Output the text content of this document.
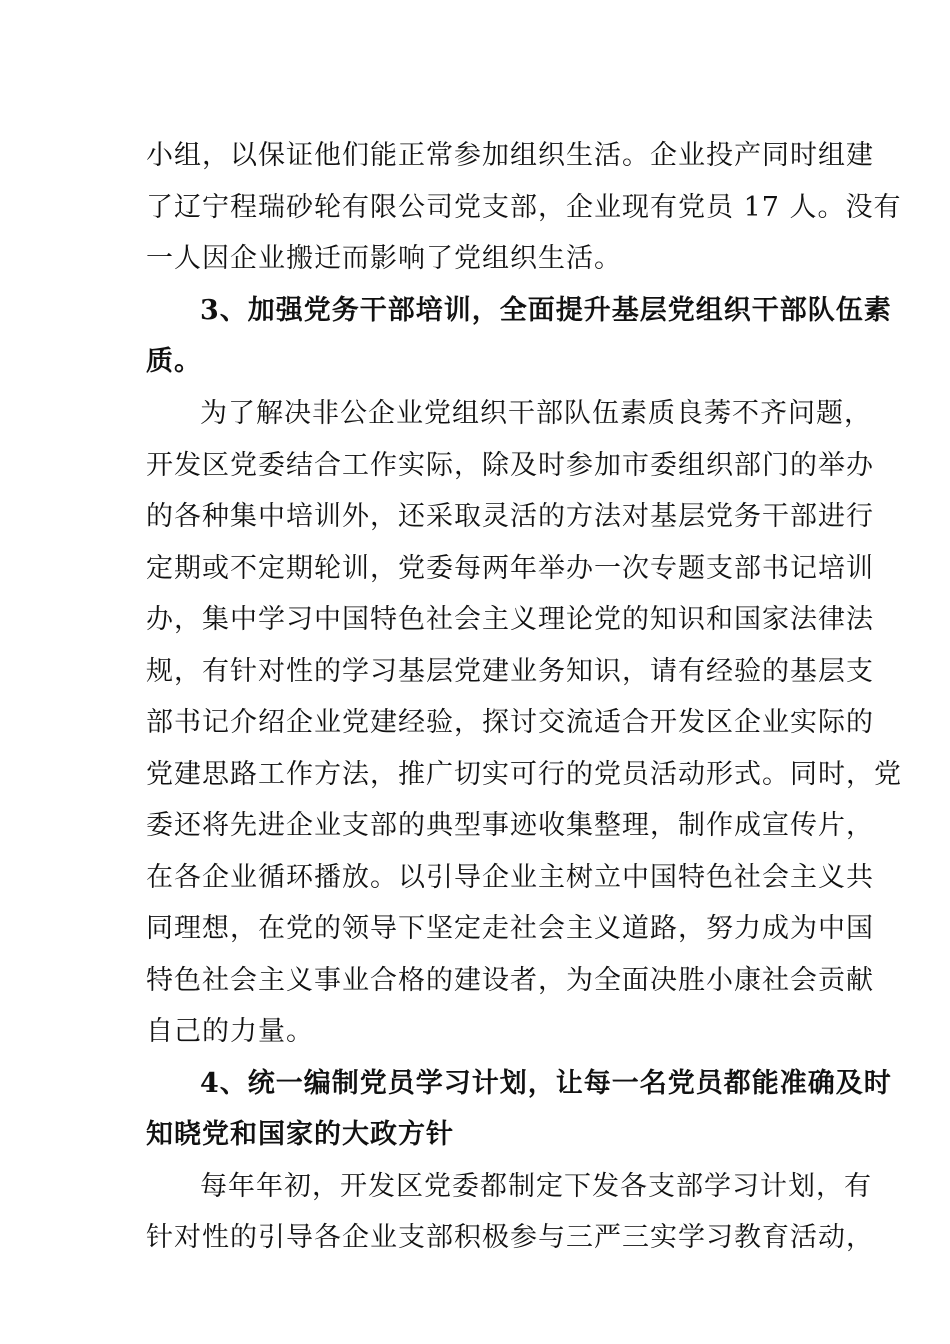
小组，以保证他们能正常参加组织生活。企业投产同时组建
了辽宁程瑞砂轮有限公司党支部，企业现有党员 17 人。没有
一人因企业搬迁而影响了党组织生活。
3、加强党务干部培训，全面提升基层党组织干部队伍素
质。
为了解决非公企业党组织干部队伍素质良莠不齐问题，
开发区党委结合工作实际，除及时参加市委组织部门的举办
的各种集中培训外，还采取灵活的方法对基层党务干部进行
定期或不定期轮训，党委每两年举办一次专题支部书记培训
办，集中学习中国特色社会主义理论党的知识和国家法律法
规，有针对性的学习基层党建业务知识，请有经验的基层支
部书记介绍企业党建经验，探讨交流适合开发区企业实际的
党建思路工作方法，推广切实可行的党员活动形式。同时，党
委还将先进企业支部的典型事迹收集整理，制作成宣传片，
在各企业循环播放。以引导企业主树立中国特色社会主义共
同理想，在党的领导下坚定走社会主义道路，努力成为中国
特色社会主义事业合格的建设者，为全面决胜小康社会贡献
自己的力量。
4、统一编制党员学习计划，让每一名党员都能准确及时
知晓党和国家的大政方针
每年年初，开发区党委都制定下发各支部学习计划，有
针对性的引导各企业支部积极参与三严三实学习教育活动，
